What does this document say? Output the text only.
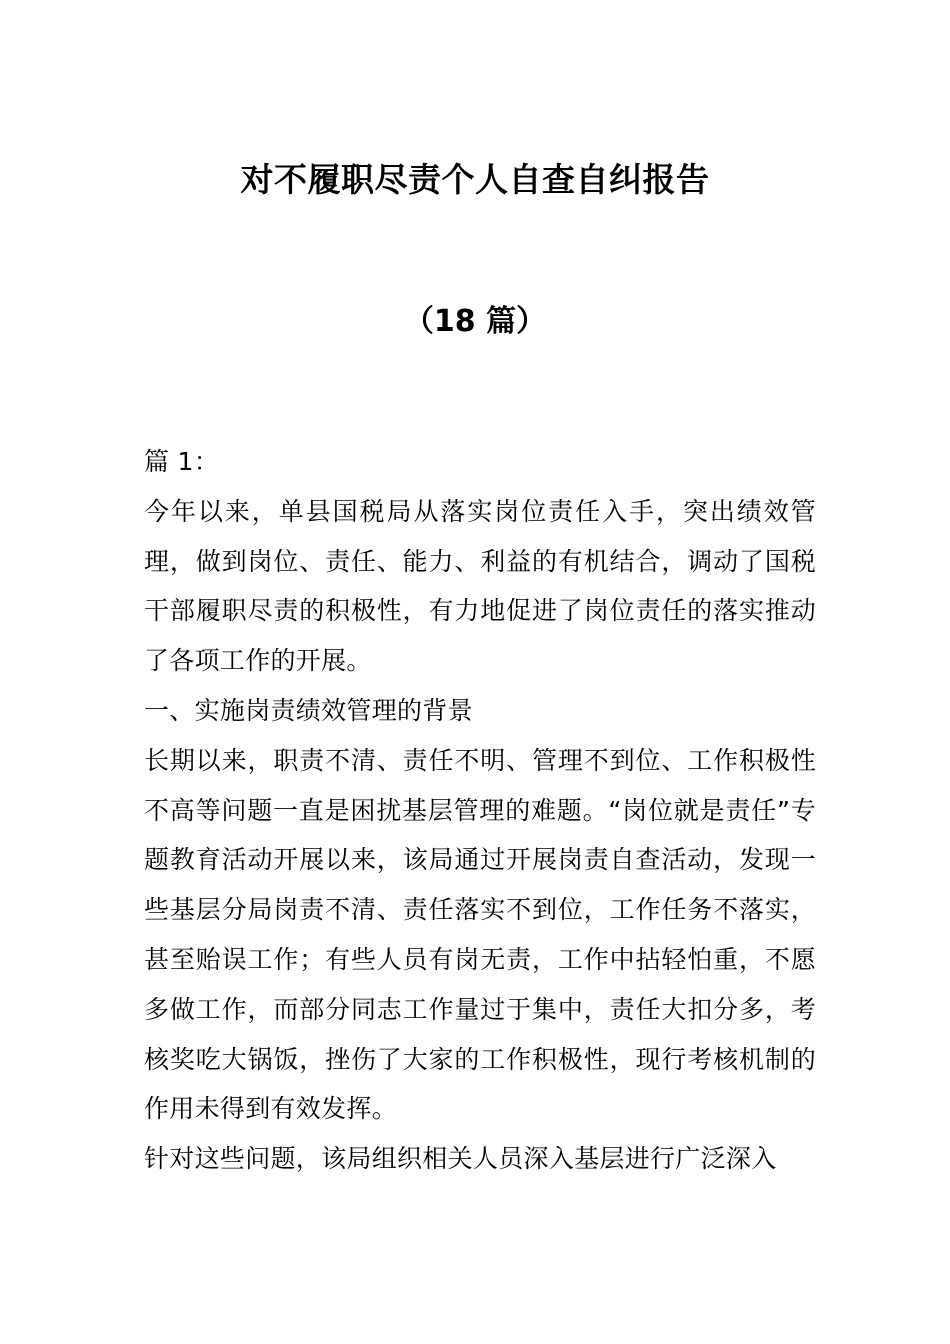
对不履职尽责个人自查自纠报告
（18 篇）

篇 1：

今年以来，单县国税局从落实岗位责任入手，突出绩效管理，做到岗位、责任、能力、利益的有机结合，调动了国税干部履职尽责的积极性，有力地促进了岗位责任的落实推动了各项工作的开展。

一、实施岗责绩效管理的背景

长期以来，职责不清、责任不明、管理不到位、工作积极性不高等问题一直是困扰基层管理的难题。“岗位就是责任”专题教育活动开展以来，该局通过开展岗责自查活动，发现一些基层分局岗责不清、责任落实不到位，工作任务不落实，甚至贻误工作；有些人员有岗无责，工作中拈轻怕重，不愿多做工作，而部分同志工作量过于集中，责任大扣分多，考核奖吃大锅饭，挫伤了大家的工作积极性，现行考核机制的作用未得到有效发挥。

针对这些问题，该局组织相关人员深入基层进行广泛深入
